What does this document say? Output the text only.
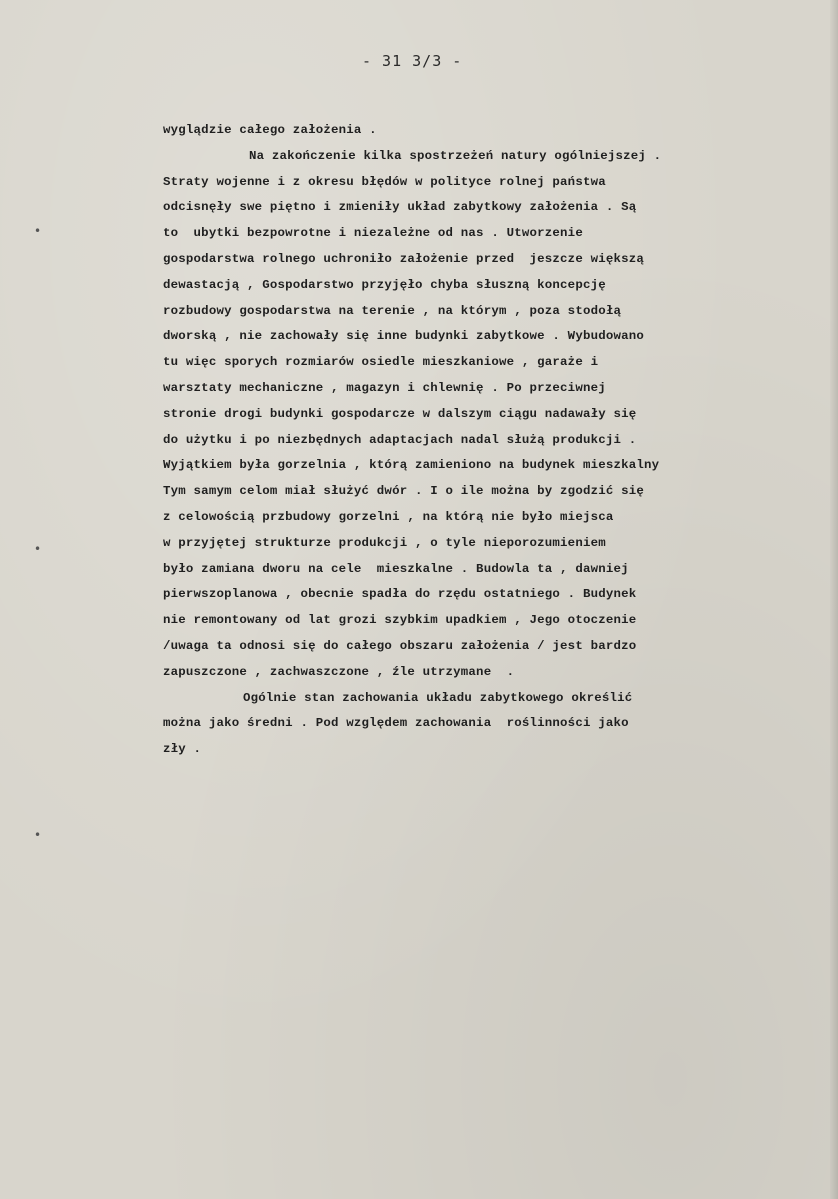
- 31 3/3 -
•
•
•
wyglądzie całego założenia .
Na zakończenie kilka spostrzeżeń natury ogólniejszej .
Straty wojenne i z okresu błędów w polityce rolnej państwa
odcisnęły swe piętno i zmieniły układ zabytkowy założenia . Są
to  ubytki bezpowrotne i niezależne od nas . Utworzenie
gospodarstwa rolnego uchroniło założenie przed  jeszcze większą
dewastacją , Gospodarstwo przyjęło chyba słuszną koncepcję
rozbudowy gospodarstwa na terenie , na którym , poza stodołą
dworską , nie zachowały się inne budynki zabytkowe . Wybudowano
tu więc sporych rozmiarów osiedle mieszkaniowe , garaże i
warsztaty mechaniczne , magazyn i chlewnię . Po przeciwnej
stronie drogi budynki gospodarcze w dalszym ciągu nadawały się
do użytku i po niezbędnych adaptacjach nadal służą produkcji .
Wyjątkiem była gorzelnia , którą zamieniono na budynek mieszkalny
Tym samym celom miał służyć dwór . I o ile można by zgodzić się
z celowością przbudowy gorzelni , na którą nie było miejsca
w przyjętej strukturze produkcji , o tyle nieporozumieniem
było zamiana dworu na cele  mieszkalne . Budowla ta , dawniej
pierwszoplanowa , obecnie spadła do rzędu ostatniego . Budynek
nie remontowany od lat grozi szybkim upadkiem , Jego otoczenie
/uwaga ta odnosi się do całego obszaru założenia / jest bardzo
zapuszczone , zachwaszczone , źle utrzymane  .
Ogólnie stan zachowania układu zabytkowego określić
można jako średni . Pod względem zachowania  roślinności jako
zły .
